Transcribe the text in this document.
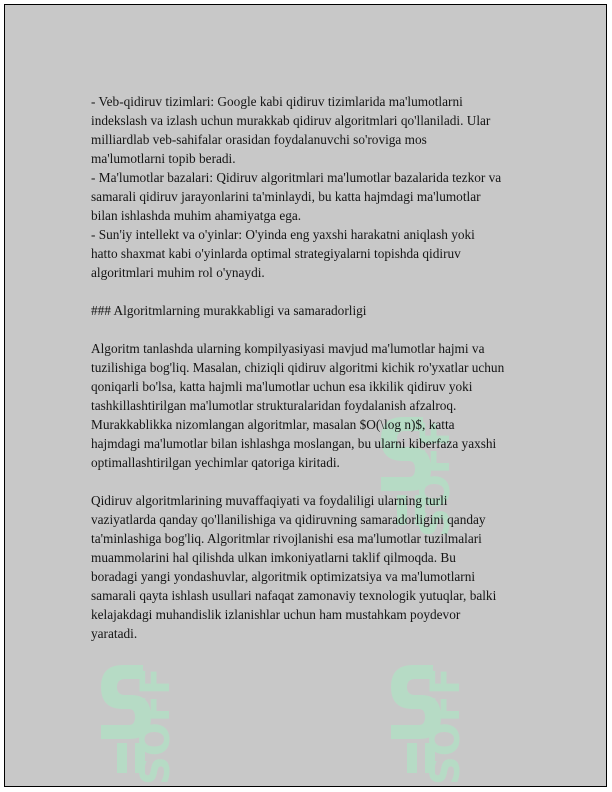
SOFF
SOFF	SOFF

- Veb-qidiruv tizimlari: Google kabi qidiruv tizimlarida ma'lumotlarni

indekslash va izlash uchun murakkab qidiruv algoritmlari qo'llaniladi. Ular

milliardlab veb-sahifalar orasidan foydalanuvchi so'roviga mos

ma'lumotlarni topib beradi.

- Ma'lumotlar bazalari: Qidiruv algoritmlari ma'lumotlar bazalarida tezkor va

samarali qidiruv jarayonlarini ta'minlaydi, bu katta hajmdagi ma'lumotlar

bilan ishlashda muhim ahamiyatga ega.

- Sun'iy intellekt va o'yinlar: O'yinda eng yaxshi harakatni aniqlash yoki

hatto shaxmat kabi o'yinlarda optimal strategiyalarni topishda qidiruv

algoritmlari muhim rol o'ynaydi.

### Algoritmlarning murakkabligi va samaradorligi

Algoritm tanlashda ularning kompilyasiyasi mavjud ma'lumotlar hajmi va

tuzilishiga bog'liq. Masalan, chiziqli qidiruv algoritmi kichik ro'yxatlar uchun

qoniqarli bo'lsa, katta hajmli ma'lumotlar uchun esa ikkilik qidiruv yoki

tashkillashtirilgan ma'lumotlar strukturalaridan foydalanish afzalroq.

Murakkablikka nizomlangan algoritmlar, masalan $O(\log n)$, katta

hajmdagi ma'lumotlar bilan ishlashga moslangan, bu ularni kiberfaza yaxshi

optimallashtirilgan yechimlar qatoriga kiritadi.

Qidiruv algoritmlarining muvaffaqiyati va foydaliligi ularning turli

vaziyatlarda qanday qo'llanilishiga va qidiruvning samaradorligini qanday

ta'minlashiga bog'liq. Algoritmlar rivojlanishi esa ma'lumotlar tuzilmalari

muammolarini hal qilishda ulkan imkoniyatlarni taklif qilmoqda. Bu

boradagi yangi yondashuvlar, algoritmik optimizatsiya va ma'lumotlarni

samarali qayta ishlash usullari nafaqat zamonaviy texnologik yutuqlar, balki

kelajakdagi muhandislik izlanishlar uchun ham mustahkam poydevor

yaratadi.
